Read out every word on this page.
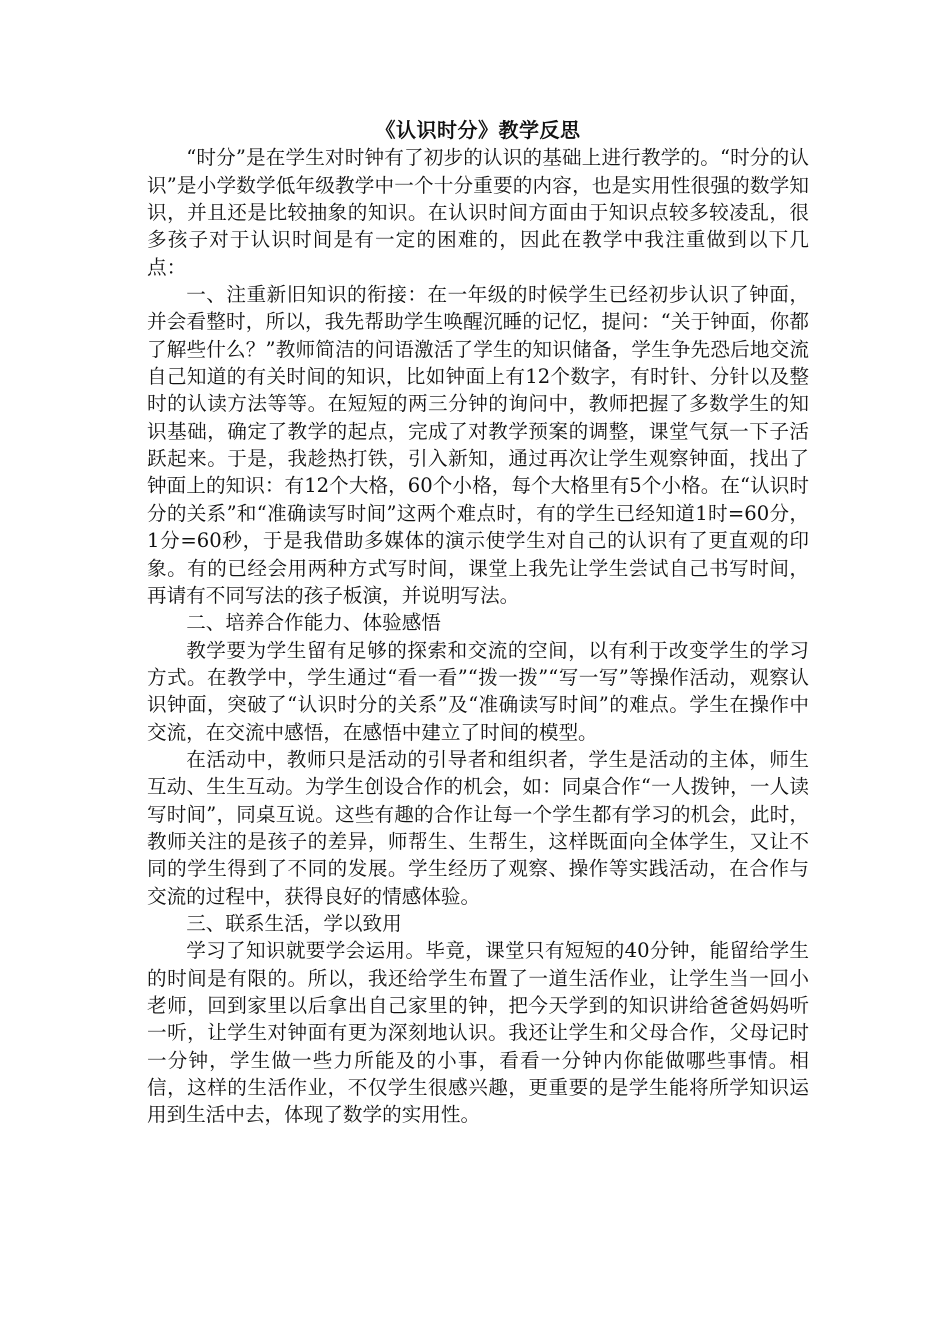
《认识时分》教学反思

“时分”是在学生对时钟有了初步的认识的基础上进行教学的。“时分的认识”是小学数学低年级教学中一个十分重要的内容，也是实用性很强的数学知识，并且还是比较抽象的知识。在认识时间方面由于知识点较多较凌乱，很多孩子对于认识时间是有一定的困难的，因此在教学中我注重做到以下几点：

一、注重新旧知识的衔接：在一年级的时候学生已经初步认识了钟面，并会看整时，所以，我先帮助学生唤醒沉睡的记忆，提问：“关于钟面，你都了解些什么？”教师简洁的问语激活了学生的知识储备，学生争先恐后地交流自己知道的有关时间的知识，比如钟面上有12个数字，有时针、分针以及整时的认读方法等等。在短短的两三分钟的询问中，教师把握了多数学生的知识基础，确定了教学的起点，完成了对教学预案的调整，课堂气氛一下子活跃起来。于是，我趁热打铁，引入新知，通过再次让学生观察钟面，找出了钟面上的知识：有12个大格，60个小格，每个大格里有5个小格。在“认识时分的关系”和“准确读写时间”这两个难点时，有的学生已经知道1时=60分，1分=60秒，于是我借助多媒体的演示使学生对自己的认识有了更直观的印象。有的已经会用两种方式写时间，课堂上我先让学生尝试自己书写时间，再请有不同写法的孩子板演，并说明写法。

二、培养合作能力、体验感悟

教学要为学生留有足够的探索和交流的空间，以有利于改变学生的学习方式。在教学中，学生通过“看一看”“拨一拨”“写一写”等操作活动，观察认识钟面，突破了“认识时分的关系”及“准确读写时间”的难点。学生在操作中交流，在交流中感悟，在感悟中建立了时间的模型。

在活动中，教师只是活动的引导者和组织者，学生是活动的主体，师生互动、生生互动。为学生创设合作的机会，如：同桌合作“一人拨钟，一人读写时间”，同桌互说。这些有趣的合作让每一个学生都有学习的机会，此时，教师关注的是孩子的差异，师帮生、生帮生，这样既面向全体学生，又让不同的学生得到了不同的发展。学生经历了观察、操作等实践活动，在合作与交流的过程中，获得良好的情感体验。

三、联系生活，学以致用

学习了知识就要学会运用。毕竟，课堂只有短短的40分钟，能留给学生的时间是有限的。所以，我还给学生布置了一道生活作业，让学生当一回小老师，回到家里以后拿出自己家里的钟，把今天学到的知识讲给爸爸妈妈听一听，让学生对钟面有更为深刻地认识。我还让学生和父母合作，父母记时一分钟，学生做一些力所能及的小事，看看一分钟内你能做哪些事情。相信，这样的生活作业，不仅学生很感兴趣，更重要的是学生能将所学知识运用到生活中去，体现了数学的实用性。
